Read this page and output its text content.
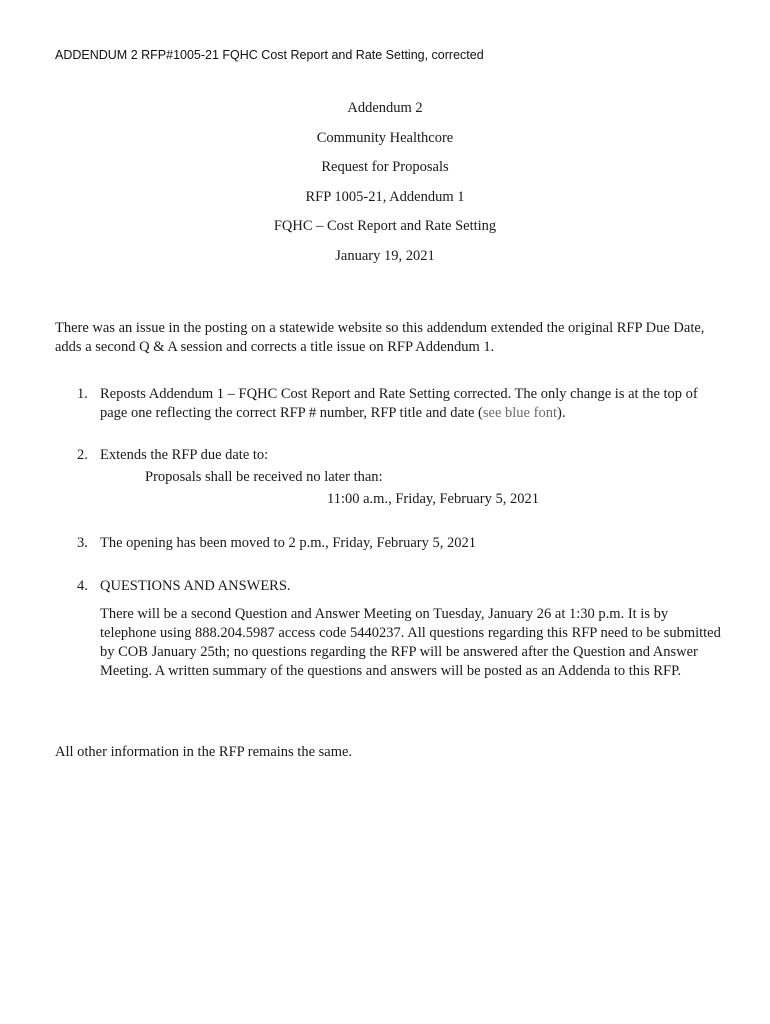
ADDENDUM 2 RFP#1005-21 FQHC Cost Report and Rate Setting, corrected
Addendum 2
Community Healthcore
Request for Proposals
RFP 1005-21, Addendum 1
FQHC – Cost Report and Rate Setting
January 19, 2021
There was an issue in the posting on a statewide website so this addendum extended the original RFP Due Date, adds a second Q & A session and corrects a title issue on RFP Addendum 1.
1. Reposts Addendum 1 – FQHC Cost Report and Rate Setting corrected. The only change is at the top of page one reflecting the correct RFP # number, RFP title and date (see blue font).
2. Extends the RFP due date to:
Proposals shall be received no later than:
11:00 a.m., Friday, February 5, 2021
3. The opening has been moved to 2 p.m., Friday, February 5, 2021
4. QUESTIONS AND ANSWERS.
There will be a second Question and Answer Meeting on Tuesday, January 26 at 1:30 p.m. It is by telephone using 888.204.5987 access code 5440237. All questions regarding this RFP need to be submitted by COB January 25th; no questions regarding the RFP will be answered after the Question and Answer Meeting. A written summary of the questions and answers will be posted as an Addenda to this RFP.
All other information in the RFP remains the same.
